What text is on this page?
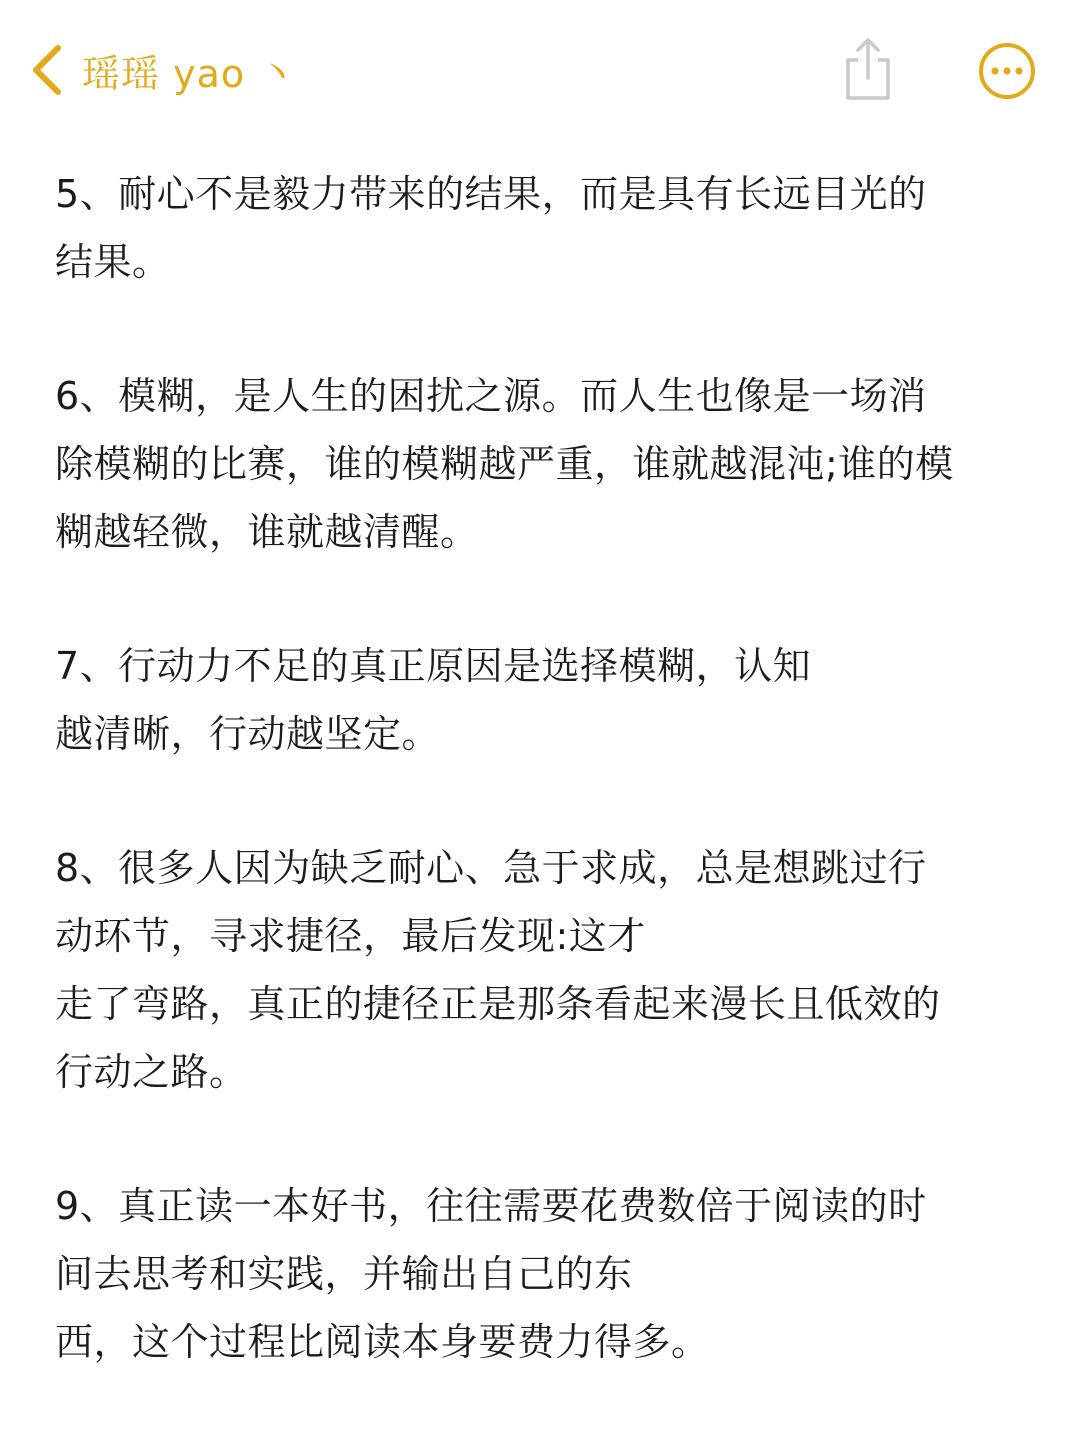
瑶瑶 yao 丶
5、耐心不是毅力带来的结果，而是具有长远目光的
结果。
6、模糊，是人生的困扰之源。而人生也像是一场消
除模糊的比赛，谁的模糊越严重，谁就越混沌;谁的模
糊越轻微，谁就越清醒。
7、行动力不足的真正原因是选择模糊，认知
越清晰，行动越坚定。
8、很多人因为缺乏耐心、急于求成，总是想跳过行
动环节，寻求捷径，最后发现:这才
走了弯路，真正的捷径正是那条看起来漫长且低效的
行动之路。
9、真正读一本好书，往往需要花费数倍于阅读的时
间去思考和实践，并输出自己的东
西，这个过程比阅读本身要费力得多。
